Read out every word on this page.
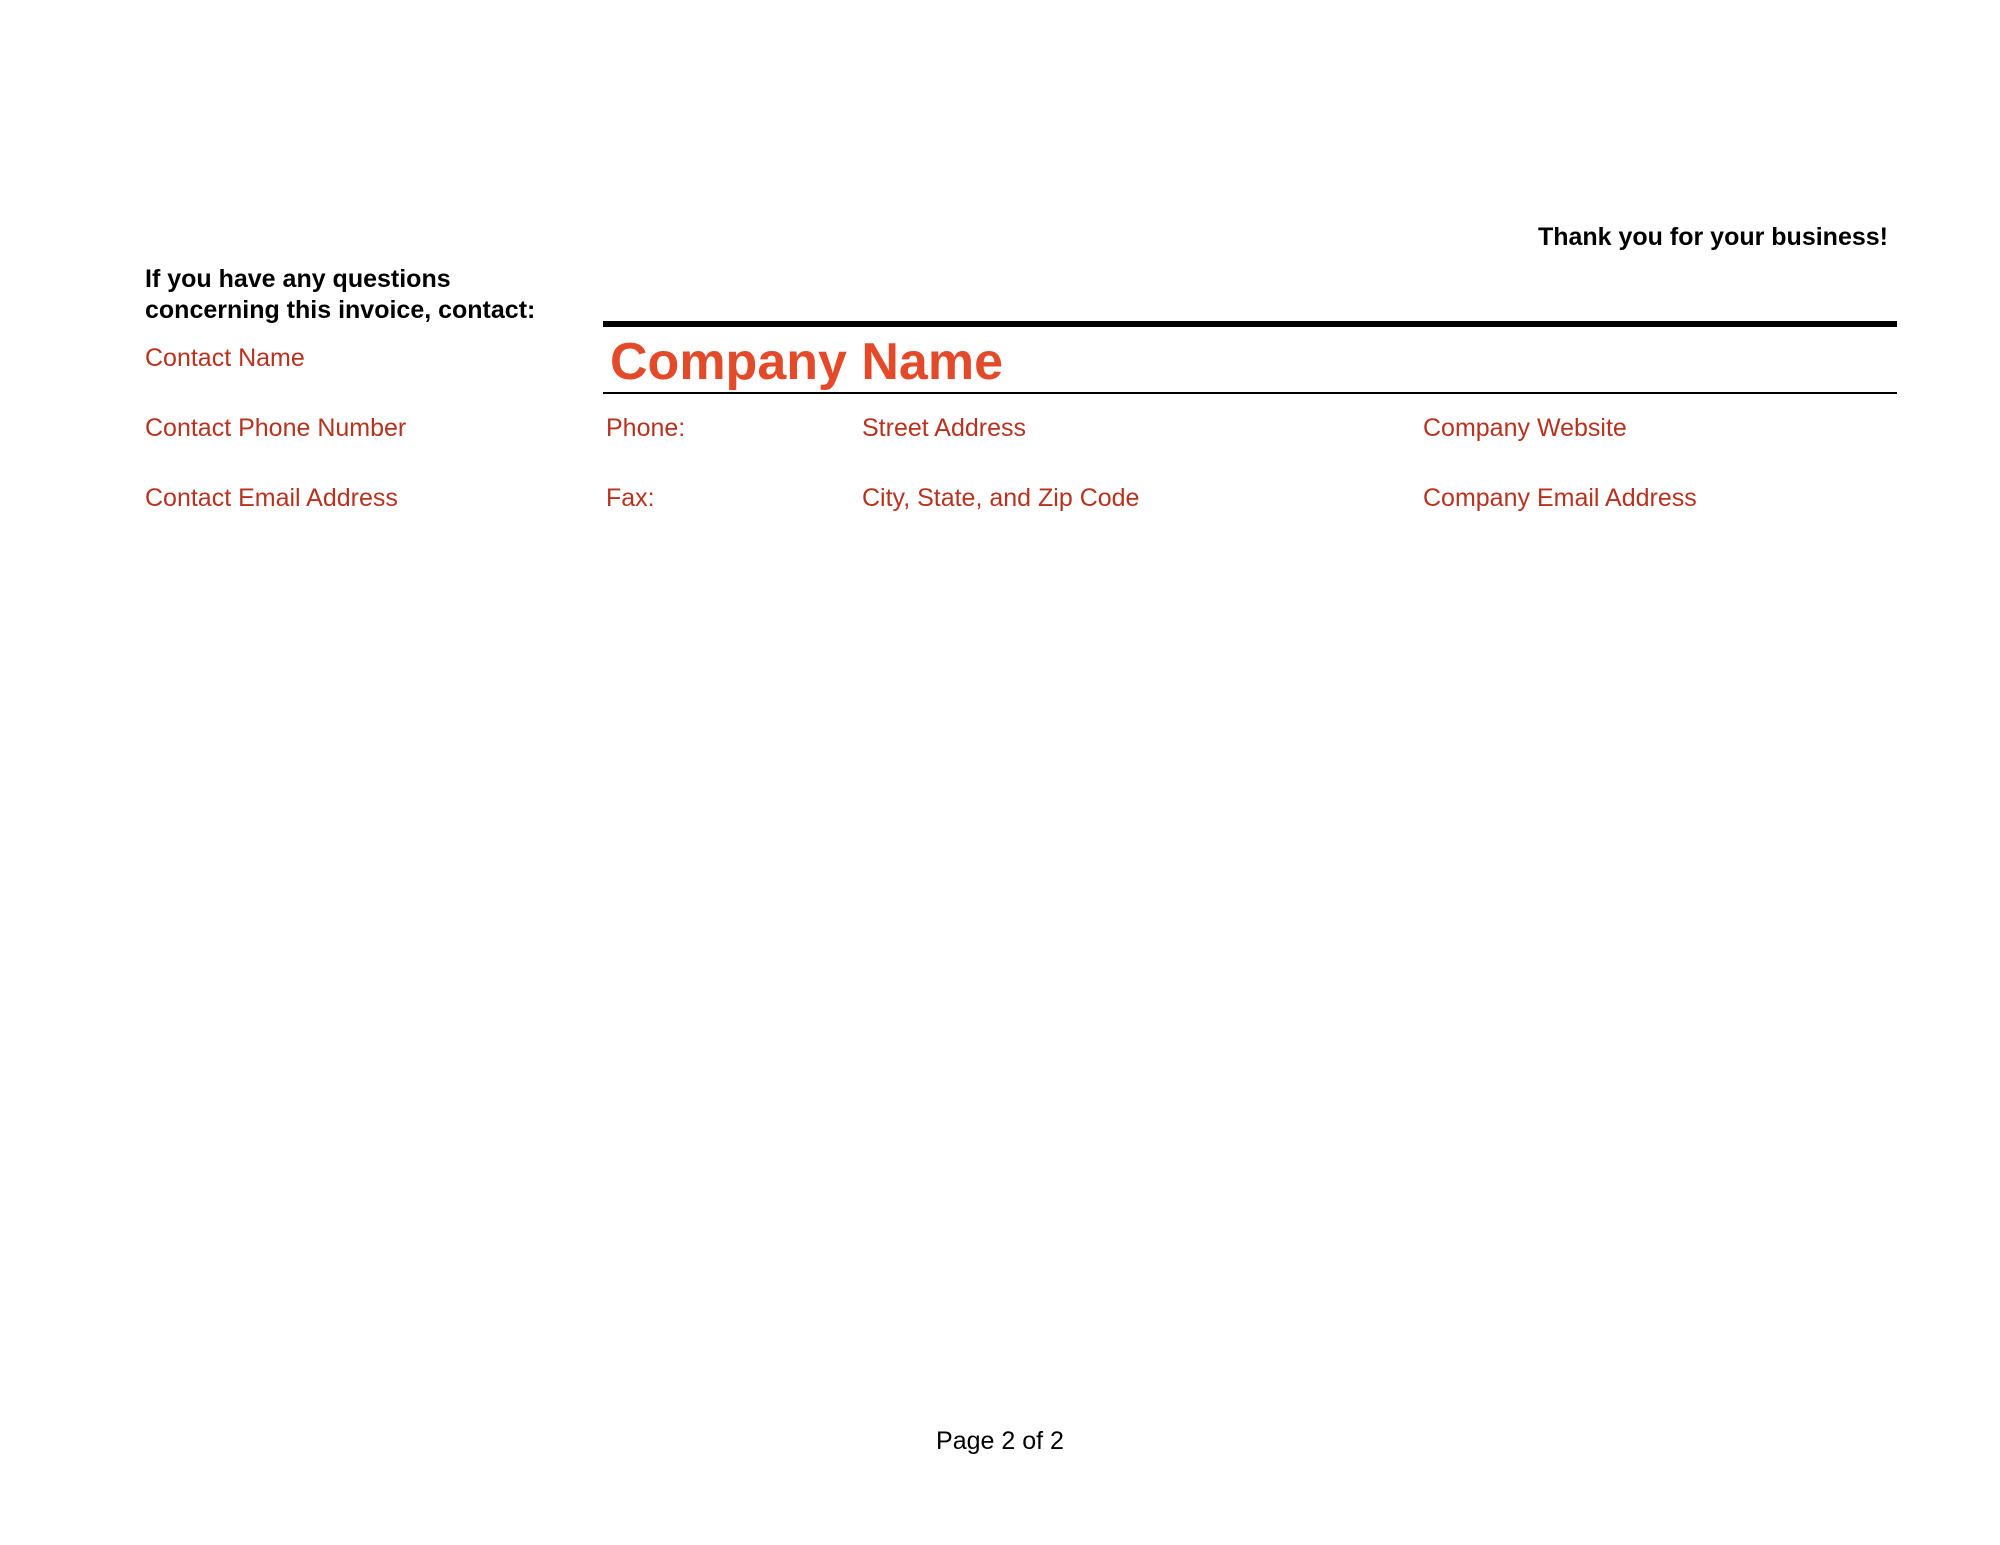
Thank you for your business!
If you have any questions concerning this invoice, contact:
Contact Name
Contact Phone Number
Contact Email Address
Company Name
Phone:
Fax:
Street Address
City, State, and Zip Code
Company Website
Company Email Address
Page 2 of 2
